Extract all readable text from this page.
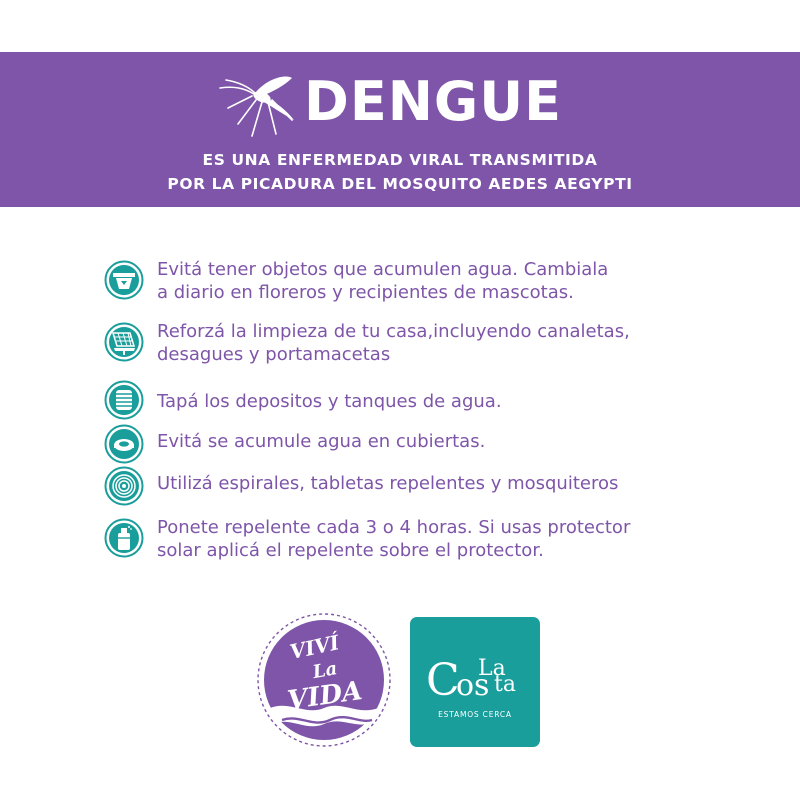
DENGUE
ES UNA ENFERMEDAD VIRAL TRANSMITIDA
POR LA PICADURA DEL MOSQUITO AEDES AEGYPTI
Evitá tener objetos que acumulen agua. Cambiala
a diario en floreros y recipientes de mascotas.
Reforzá la limpieza de tu casa,incluyendo canaletas,
desagues y portamacetas
Tapá los depositos y tanques de agua.
Evitá se acumule agua en cubiertas.
Utilizá espirales, tabletas repelentes y mosquiteros
Ponete repelente cada 3 o 4 horas. Si usas protector
solar aplicá el repelente sobre el protector.
VIVÍ
La
VIDA C
os
La
ta
ESTAMOS CERCA
